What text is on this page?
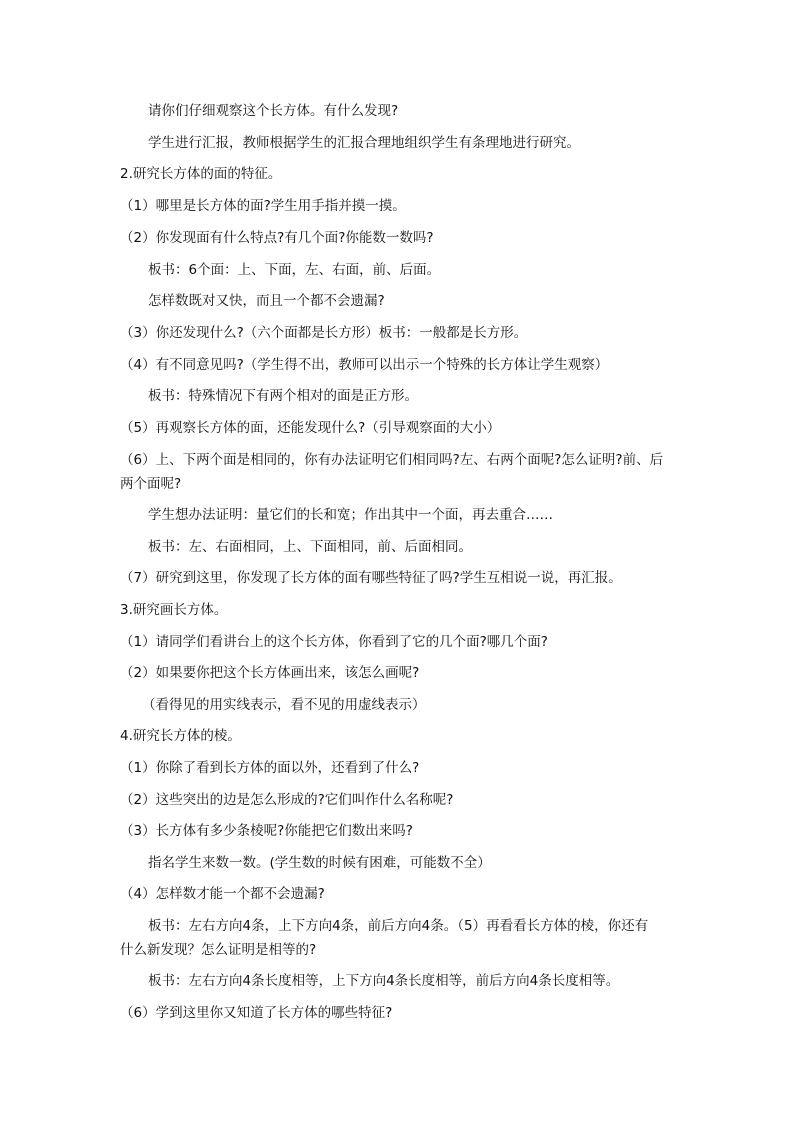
请你们仔细观察这个长方体。有什么发现?
学生进行汇报，教师根据学生的汇报合理地组织学生有条理地进行研究。
2.研究长方体的面的特征。
（1）哪里是长方体的面?学生用手指并摸一摸。
（2）你发现面有什么特点?有几个面?你能数一数吗?
板书：6个面：上、下面，左、右面，前、后面。
怎样数既对又快，而且一个都不会遗漏?
（3）你还发现什么?（六个面都是长方形）板书：一般都是长方形。
（4）有不同意见吗?（学生得不出，教师可以出示一个特殊的长方体让学生观察）
板书：特殊情况下有两个相对的面是正方形。
（5）再观察长方体的面，还能发现什么?（引导观察面的大小）
（6）上、下两个面是相同的，你有办法证明它们相同吗?左、右两个面呢?怎么证明?前、后
两个面呢?
学生想办法证明：量它们的长和宽；作出其中一个面，再去重合……
板书：左、右面相同，上、下面相同，前、后面相同。
（7）研究到这里，你发现了长方体的面有哪些特征了吗?学生互相说一说，再汇报。
3.研究画长方体。
（1）请同学们看讲台上的这个长方体，你看到了它的几个面?哪几个面?
（2）如果要你把这个长方体画出来，该怎么画呢?
（看得见的用实线表示，看不见的用虚线表示）
4.研究长方体的棱。
（1）你除了看到长方体的面以外，还看到了什么?
（2）这些突出的边是怎么形成的?它们叫作什么名称呢?
（3）长方体有多少条棱呢?你能把它们数出来吗?
指名学生来数一数。(学生数的时候有困难，可能数不全）
（4）怎样数才能一个都不会遗漏?
板书：左右方向4条，上下方向4条，前后方向4条。（5）再看看长方体的棱，你还有
什么新发现？怎么证明是相等的?
板书：左右方向4条长度相等，上下方向4条长度相等，前后方向4条长度相等。
（6）学到这里你又知道了长方体的哪些特征?
